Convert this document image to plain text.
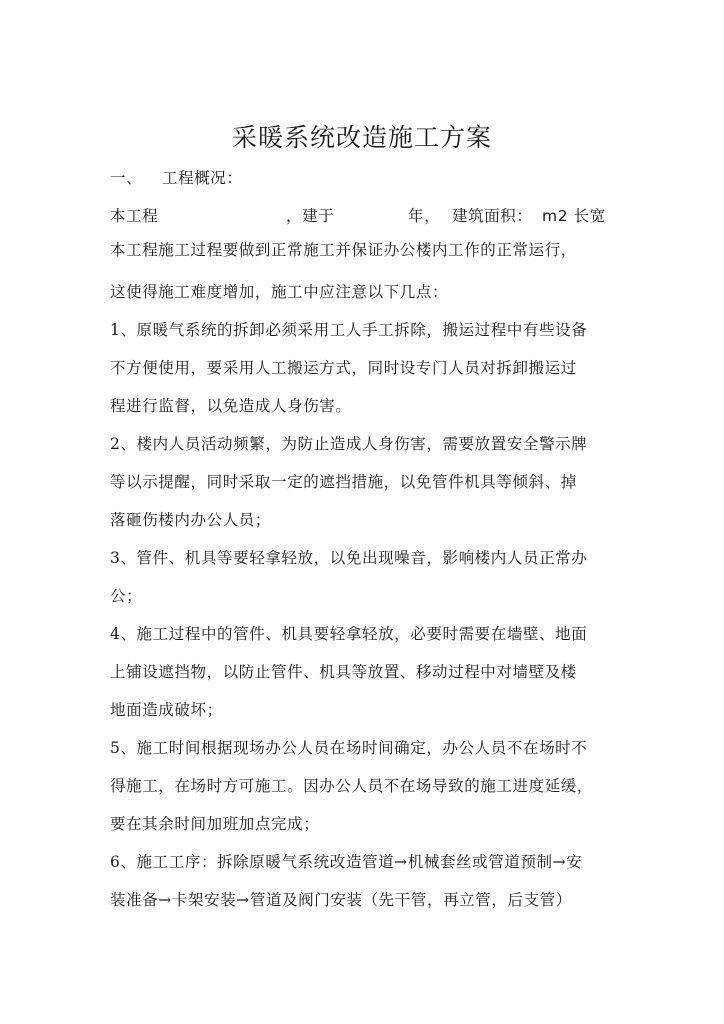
采暖系统改造施工方案
一、 工程概况：
本工程	，建于	年， 建筑面积： m2 长宽
本工程施工过程要做到正常施工并保证办公楼内工作的正常运行，
这使得施工难度增加，施工中应注意以下几点：
1、原暖气系统的拆卸必须采用工人手工拆除，搬运过程中有些设备
不方便使用，要采用人工搬运方式，同时设专门人员对拆卸搬运过
程进行监督，以免造成人身伤害。
2、楼内人员活动频繁，为防止造成人身伤害，需要放置安全警示牌
等以示提醒，同时采取一定的遮挡措施，以免管件机具等倾斜、掉
落砸伤楼内办公人员；
3、管件、机具等要轻拿轻放，以免出现噪音，影响楼内人员正常办
公；
4、施工过程中的管件、机具要轻拿轻放，必要时需要在墙壁、地面
上铺设遮挡物，以防止管件、机具等放置、移动过程中对墙壁及楼
地面造成破坏；
5、施工时间根据现场办公人员在场时间确定，办公人员不在场时不
得施工，在场时方可施工。因办公人员不在场导致的施工进度延缓，
要在其余时间加班加点完成；
6、施工工序：拆除原暖气系统改造管道→机械套丝或管道预制→安
装准备→卡架安装→管道及阀门安装（先干管，再立管，后支管）
